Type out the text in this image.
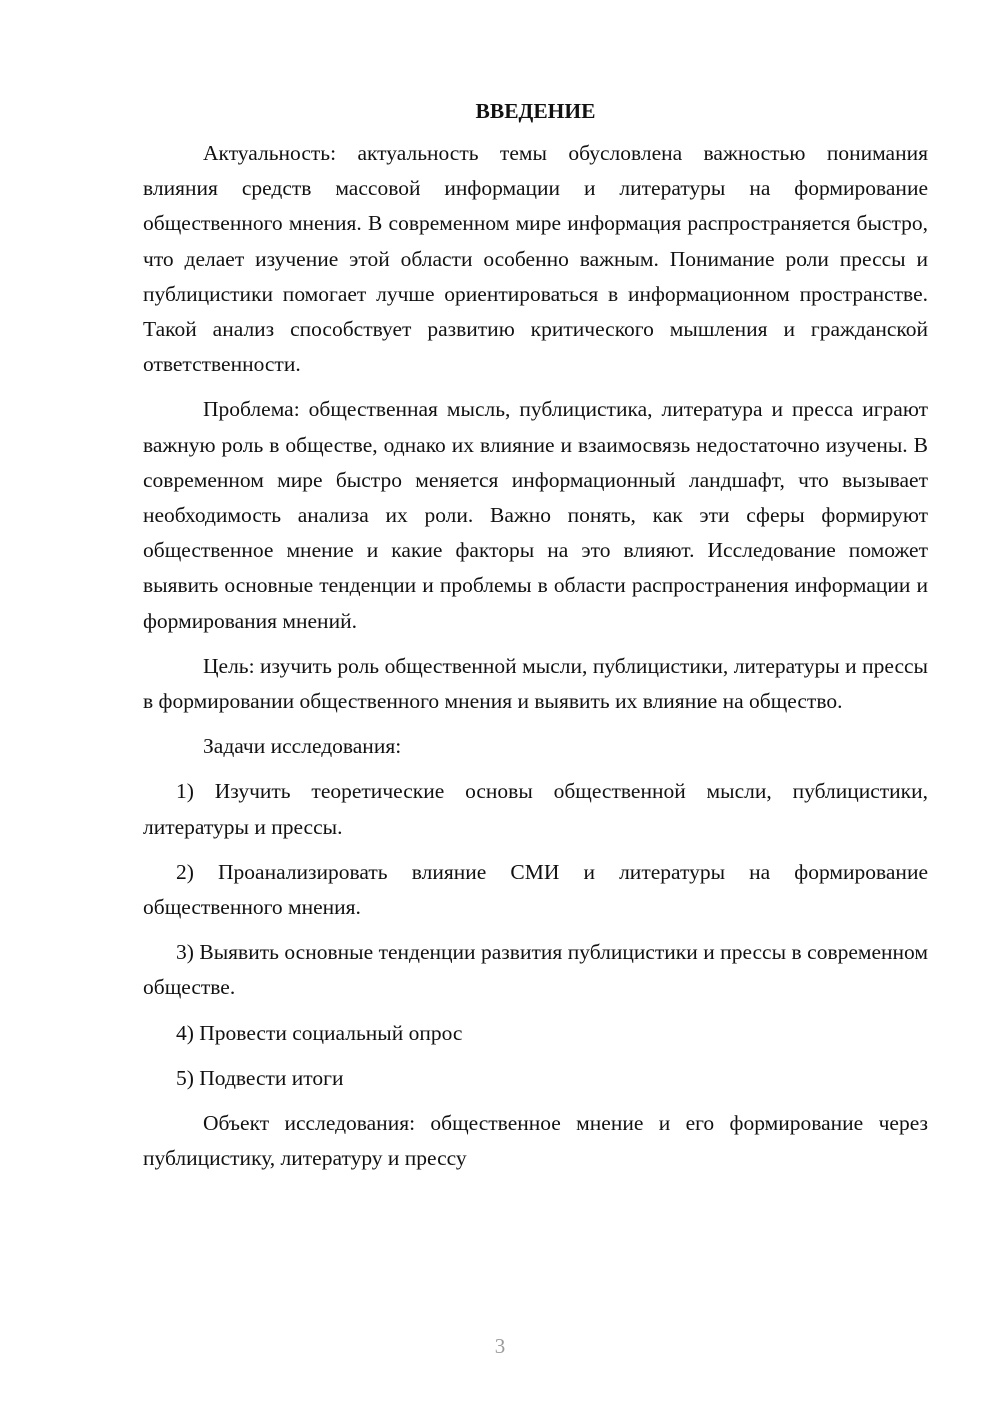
ВВЕДЕНИЕ

Актуальность: актуальность темы обусловлена важностью понимания влияния средств массовой информации и литературы на формирование общественного мнения. В современном мире информация распространяется быстро, что делает изучение этой области особенно важным. Понимание роли прессы и публицистики помогает лучше ориентироваться в информационном пространстве. Такой анализ способствует развитию критического мышления и гражданской ответственности.

Проблема: общественная мысль, публицистика, литература и пресса играют важную роль в обществе, однако их влияние и взаимосвязь недостаточно изучены. В современном мире быстро меняется информационный ландшафт, что вызывает необходимость анализа их роли. Важно понять, как эти сферы формируют общественное мнение и какие факторы на это влияют. Исследование поможет выявить основные тенденции и проблемы в области распространения информации и формирования мнений.

Цель: изучить роль общественной мысли, публицистики, литературы и прессы в формировании общественного мнения и выявить их влияние на общество.

Задачи исследования:

1) Изучить теоретические основы общественной мысли, публицистики, литературы и прессы.

2) Проанализировать влияние СМИ и литературы на формирование общественного мнения.

3) Выявить основные тенденции развития публицистики и прессы в современном обществе.

4) Провести социальный опрос

5) Подвести итоги

Объект исследования: общественное мнение и его формирование через публицистику, литературу и прессу

3
